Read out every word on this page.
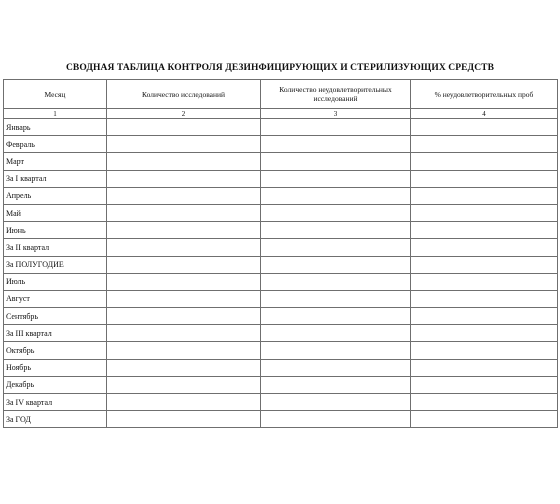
СВОДНАЯ ТАБЛИЦА КОНТРОЛЯ ДЕЗИНФИЦИРУЮЩИХ И СТЕРИЛИЗУЮЩИХ СРЕДСТВ
Месяц	Количество исследований	Количество неудовлетворительных исследований	% неудовлетворительных проб
1	2	3	4
Январь			
Февраль			
Март			
За I квартал			
Апрель			
Май			
Июнь			
За II квартал			
За ПОЛУГОДИЕ			
Июль			
Август			
Сентябрь			
За III квартал			
Октябрь			
Ноябрь			
Декабрь			
За IV квартал			
За ГОД			
